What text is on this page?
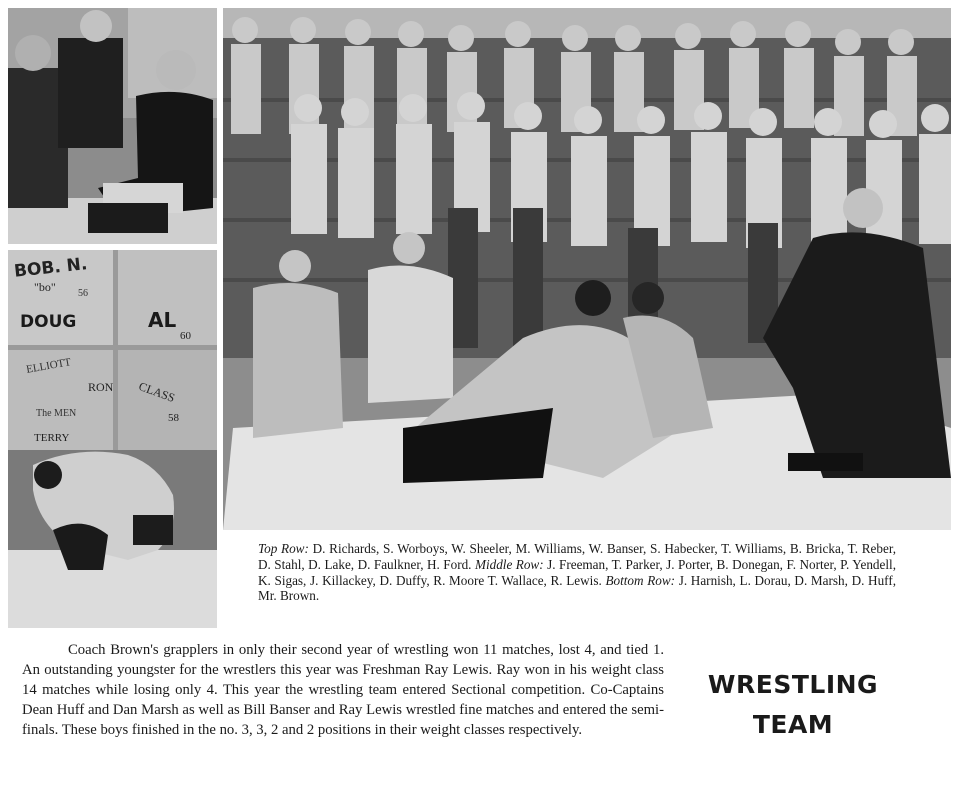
BOB. N.
"bo" 56
DOUG	AL
60
ELLIOTT
RON CLASS
58
The MEN
TERRY
Top Row: D. Richards, S. Worboys, W. Sheeler, M. Williams, W. Banser, S. Habecker, T. Williams, B. Bricka, T. Reber, D. Stahl, D. Lake, D. Faulkner, H. Ford. Middle Row: J. Freeman, T. Parker, J. Porter, B. Donegan, F. Norter, P. Yendell, K. Sigas, J. Killackey, D. Duffy, R. Moore T. Wallace, R. Lewis. Bottom Row: J. Harnish, L. Dorau, D. Marsh, D. Huff, Mr. Brown.

Coach Brown's grapplers in only their second year of wrestling won 11 matches, lost 4, and tied 1. An outstanding youngster for the wrestlers this year was Freshman Ray Lewis. Ray won in his weight class 14 matches while losing only 4. This year the wrestling team entered Sectional competition. Co-Captains Dean Huff and Dan Marsh as well as Bill Banser and Ray Lewis wrestled fine matches and entered the semi-finals. These boys finished in the no. 3, 3, 2 and 2 positions in their weight classes respectively.

WRESTLING
TEAM
